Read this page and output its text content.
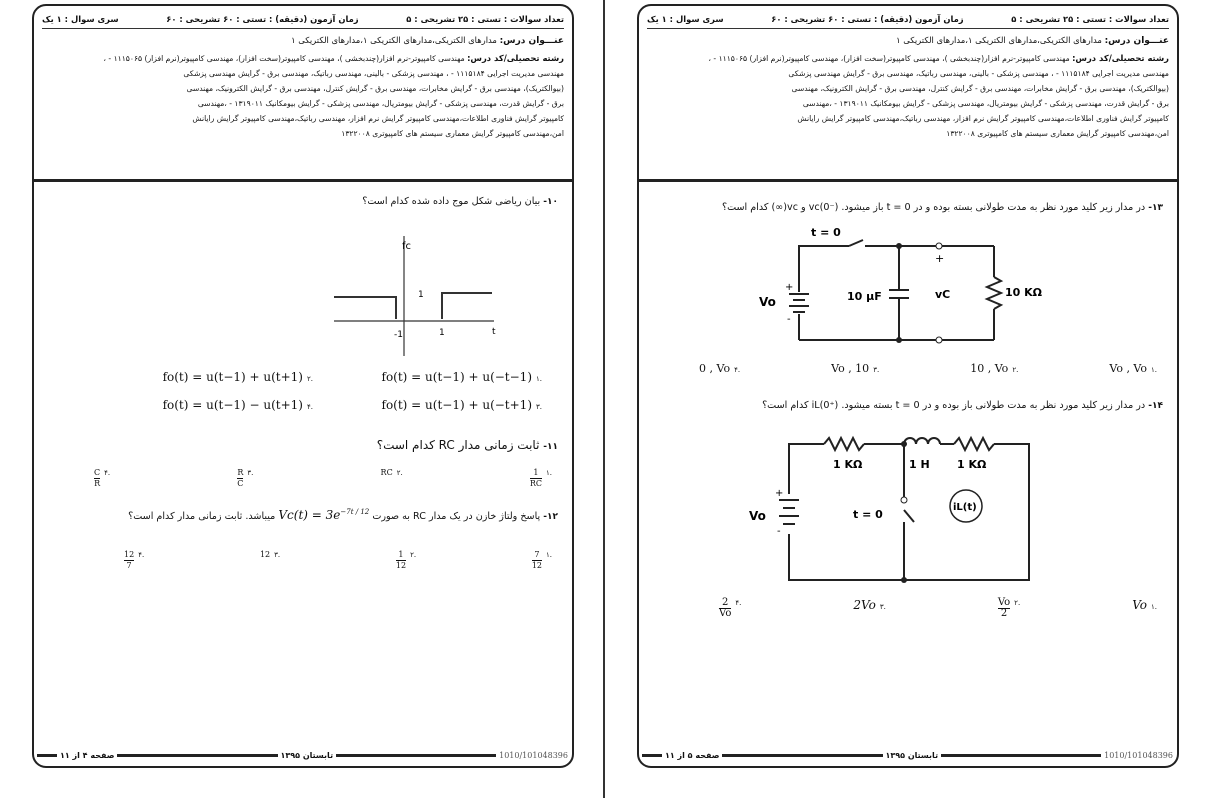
تعداد سوالات : تستی : ۲۵ تشریحی : ۵
زمان آزمون (دقیقه) : تستی : ۶۰ تشریحی : ۶۰
سری سوال : ۱ یک
عنـــوان درس: مدارهای الکتریکی،مدارهای الکتریکی ۱،مدارهای الکتریکی ۱
رشته تحصیلی/کد درس: مهندسی کامپیوتر-نرم افزار(چندبخشی )، مهندسی کامپیوتر(سخت افزار)، مهندسی کامپیوتر(نرم افزار) ۱۱۱۵۰۶۵ - ،
مهندسی مدیریت اجرایی ۱۱۱۵۱۸۴ - ، مهندسی پزشکی - بالینی، مهندسی رباتیک، مهندسی برق - گرایش مهندسی پزشکی
(بیوالکتریک)، مهندسی برق - گرایش مخابرات، مهندسی برق - گرایش کنترل، مهندسی برق - گرایش الکترونیک، مهندسی
برق - گرایش قدرت، مهندسی پزشکی - گرایش بیومتریال، مهندسی پزشکی - گرایش بیومکانیک ۱۳۱۹۰۱۱ - ،مهندسی
کامپیوتر گرایش فناوری اطلاعات،مهندسی کامپیوتر گرایش نرم افزار، مهندسی رباتیک،مهندسی کامپیوتر گرایش رایانش
امن،مهندسی کامپیوتر گرایش معماری سیستم های کامپیوتری ۱۳۲۲۰۰۸
۱۰- بیان ریاضی شکل موج داده شده کدام است؟
fc
-1	1
1
t
.۱
fo(t) = u(t−1) + u(−t−1)
.۲
fo(t) = u(t−1) + u(t+1)
.۳
fo(t) = u(t−1) + u(−t+1)
.۴
fo(t) = u(t−1) − u(t+1)
۱۱- ثابت زمانی مدار RC کدام است؟
.۱
$\frac{1}{RC}$
.۲
RC
.۳
$\frac{R}{C}$
.۴
$\frac{C}{R}$
۱۲- پاسخ ولتاژ خازن در یک مدار RC به صورت $Vc(t) = 3e^{-7t / 12}$ میباشد. ثابت زمانی مدار کدام است؟
.۱
$\frac{7}{12}$
.۲
$\frac{1}{12}$
.۳
12
.۴
$\frac{12}{7}$
1010/101048396
تابستان ۱۳۹۵
صفحه ۴ از ۱۱
تعداد سوالات : تستی : ۲۵ تشریحی : ۵
زمان آزمون (دقیقه) : تستی : ۶۰ تشریحی : ۶۰
سری سوال : ۱ یک
عنـــوان درس: مدارهای الکتریکی،مدارهای الکتریکی ۱،مدارهای الکتریکی ۱
رشته تحصیلی/کد درس: مهندسی کامپیوتر-نرم افزار(چندبخشی )، مهندسی کامپیوتر(سخت افزار)، مهندسی کامپیوتر(نرم افزار) ۱۱۱۵۰۶۵ - ،
مهندسی مدیریت اجرایی ۱۱۱۵۱۸۴ - ، مهندسی پزشکی - بالینی، مهندسی رباتیک، مهندسی برق - گرایش مهندسی پزشکی
(بیوالکتریک)، مهندسی برق - گرایش مخابرات، مهندسی برق - گرایش کنترل، مهندسی برق - گرایش الکترونیک، مهندسی
برق - گرایش قدرت، مهندسی پزشکی - گرایش بیومتریال، مهندسی پزشکی - گرایش بیومکانیک ۱۳۱۹۰۱۱ - ،مهندسی
کامپیوتر گرایش فناوری اطلاعات،مهندسی کامپیوتر گرایش نرم افزار، مهندسی رباتیک،مهندسی کامپیوتر گرایش رایانش
امن،مهندسی کامپیوتر گرایش معماری سیستم های کامپیوتری ۱۳۲۲۰۰۸
۱۳- در مدار زیر کلید مورد نظر به مدت طولانی بسته بوده و در t = 0 باز میشود. vc(0⁻) و vc(∞) کدام است؟
t = 0
Vo
+
-
10 µF
+
vC	10 KΩ
.۱
Vo , Vo
.۲
10 , Vo
.۳
Vo , 10
.۴
0 , Vo
۱۴- در مدار زیر کلید مورد نظر به مدت طولانی باز بوده و در t = 0 بسته میشود. iL(0⁺) کدام است؟
1 KΩ	1 H 1 KΩ
Vo
+
-
t = 0
iL(t)
.۱
Vo
.۲
$\frac{Vo}{2}$
.۳
2Vo
.۴
$\frac{2}{Vo}$
1010/101048396
تابستان ۱۳۹۵
صفحه ۵ از ۱۱
